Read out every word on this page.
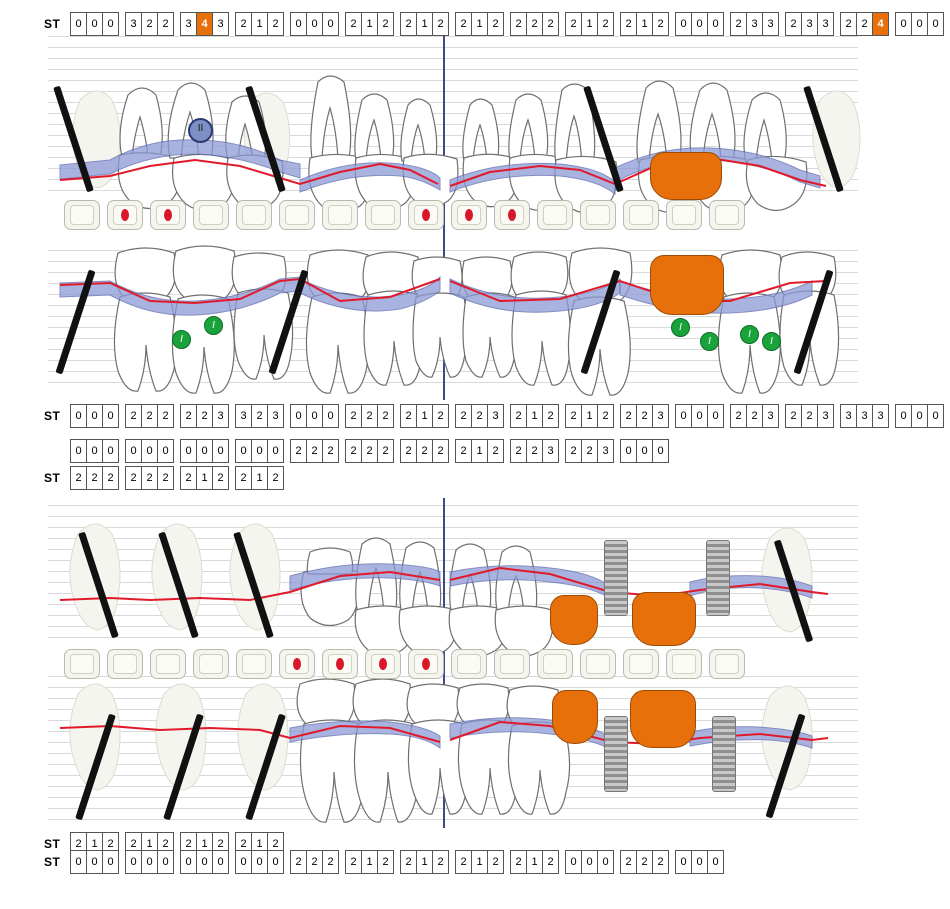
II
I
I	I
I
I
I
ST	0 0 0	3 2 2	3 4 3	2 1 2	0 0 0	2 1 2	2 1 2	2 1 2	2 2 2	2 1 2	2 1 2	0 0 0	2 3 3	2 3 3	2 2 4	0 0 0
ST	0 0 0	2 2 2	2 2 3	3 2 3	0 0 0	2 2 2	2 1 2	2 2 3	2 1 2	2 1 2	2 2 3	0 0 0	2 2 3	2 2 3	3 3 3	0 0 0
0 0 0	0 0 0	0 0 0	0 0 0	2 2 2	2 2 2	2 2 2	2 1 2	2 2 3	2 2 3	0 0 0
ST	2 2 2	2 2 2	2 1 2	2 1 2
ST	2 1 2	2 1 2	2 1 2	2 1 2
ST	0 0 0	0 0 0	0 0 0	0 0 0	2 2 2	2 1 2	2 1 2	2 1 2	2 1 2	0 0 0	2 2 2	0 0 0
